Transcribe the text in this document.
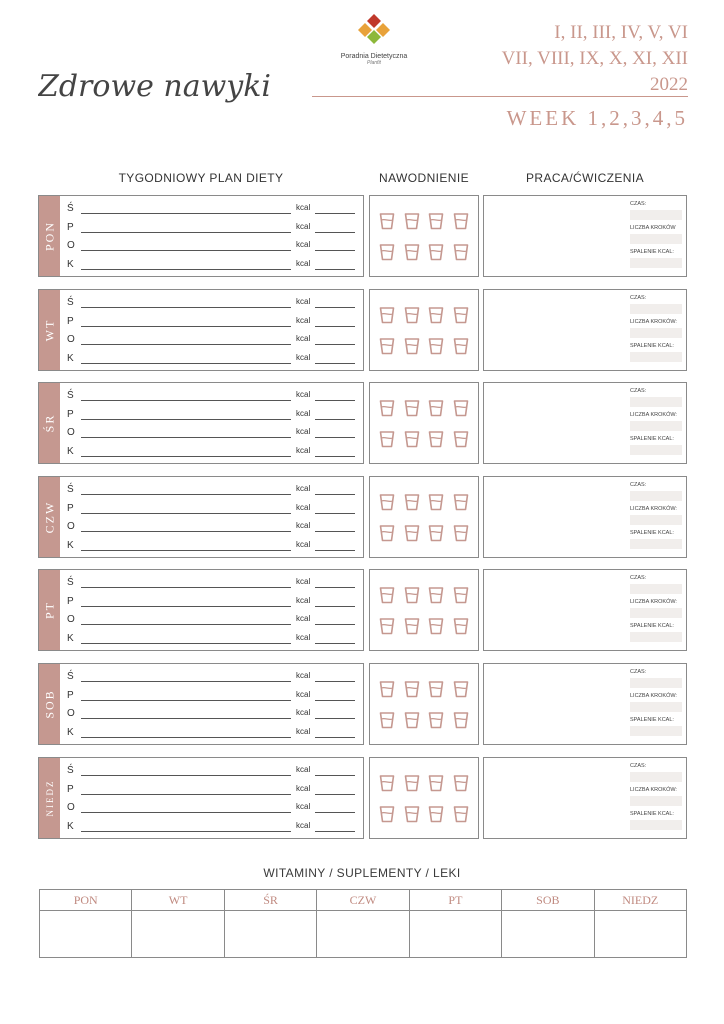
Zdrowe nawyki
Poradnia Dietetyczna
Planfit
I, II, III, IV, V, VI
VII, VIII, IX, X, XI, XII
2022
WEEK 1,2,3,4,5
TYGODNIOWY PLAN DIETY	NAWODNIENIE	PRACA/ĆWICZENIA
PON
Ś	kcal
P	kcal
O	kcal
K	kcal
CZAS:
LICZBA KROKÓW
SPALENIE KCAL:
WT
Ś	kcal
P	kcal
O	kcal
K	kcal
CZAS:
LICZBA KROKÓW:
SPALENIE KCAL:
ŚR
Ś	kcal
P	kcal
O	kcal
K	kcal
CZAS:
LICZBA KROKÓW:
SPALENIE KCAL:
CZW
Ś	kcal
P	kcal
O	kcal
K	kcal
CZAS:
LICZBA KROKÓW:
SPALENIE KCAL:
PT
Ś	kcal
P	kcal
O	kcal
K	kcal
CZAS:
LICZBA KROKÓW:
SPALENIE KCAL:
SOB
Ś	kcal
P	kcal
O	kcal
K	kcal
CZAS:
LICZBA KROKÓW:
SPALENIE KCAL:
NIEDZ
Ś	kcal
P	kcal
O	kcal
K	kcal
CZAS:
LICZBA KROKÓW:
SPALENIE KCAL:
WITAMINY / SUPLEMENTY / LEKI
PON	WT	ŚR	CZW	PT	SOB	NIEDZ
